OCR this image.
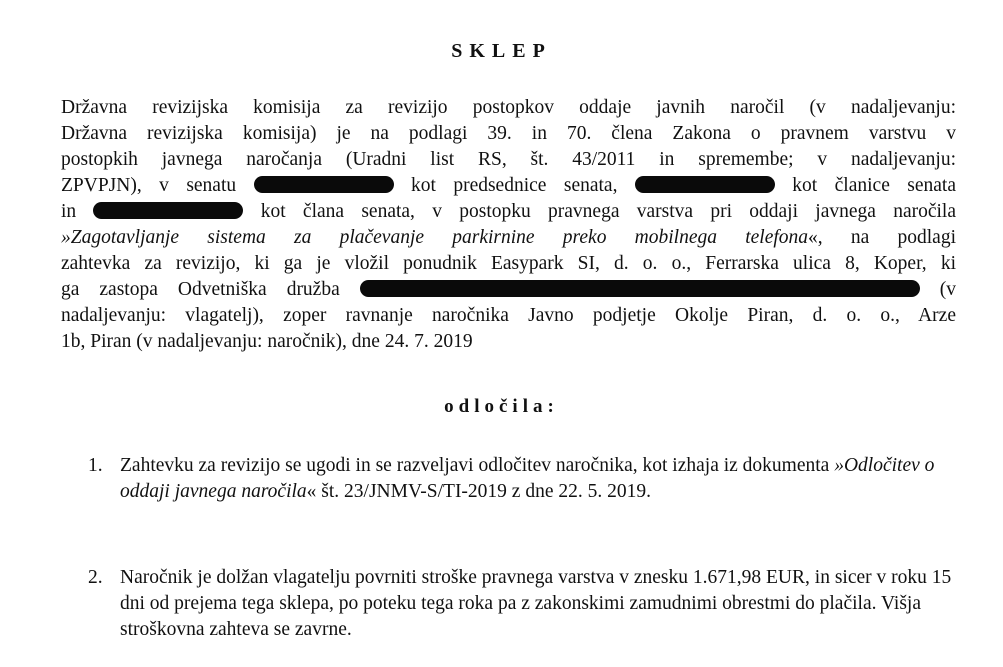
SKLEP
Državna revizijska komisija za revizijo postopkov oddaje javnih naročil (v nadaljevanju:
Državna revizijska komisija) je na podlagi 39. in 70. člena Zakona o pravnem varstvu v
postopkih javnega naročanja (Uradni list RS, št. 43/2011 in spremembe; v nadaljevanju:
ZPVPJN), v senatu	kot predsednice senata,	kot članice senata
in	kot člana senata, v postopku pravnega varstva pri oddaji javnega naročila
»Zagotavljanje sistema za plačevanje parkirnine preko mobilnega telefona«, na podlagi
zahtevka za revizijo, ki ga je vložil ponudnik Easypark SI, d. o. o., Ferrarska ulica 8, Koper, ki
ga zastopa Odvetniška družba	(v
nadaljevanju: vlagatelj), zoper ravnanje naročnika Javno podjetje Okolje Piran, d. o. o., Arze
1b, Piran (v nadaljevanju: naročnik), dne 24. 7. 2019
odločila:
1. Zahtevku za revizijo se ugodi in se razveljavi odločitev naročnika, kot izhaja iz dokumenta »Odločitev o oddaji javnega naročila« št. 23/JNMV-S/TI-2019 z dne 22. 5. 2019.
2. Naročnik je dolžan vlagatelju povrniti stroške pravnega varstva v znesku 1.671,98 EUR, in sicer v roku 15 dni od prejema tega sklepa, po poteku tega roka pa z zakonskimi zamudnimi obrestmi do plačila. Višja stroškovna zahteva se zavrne.
